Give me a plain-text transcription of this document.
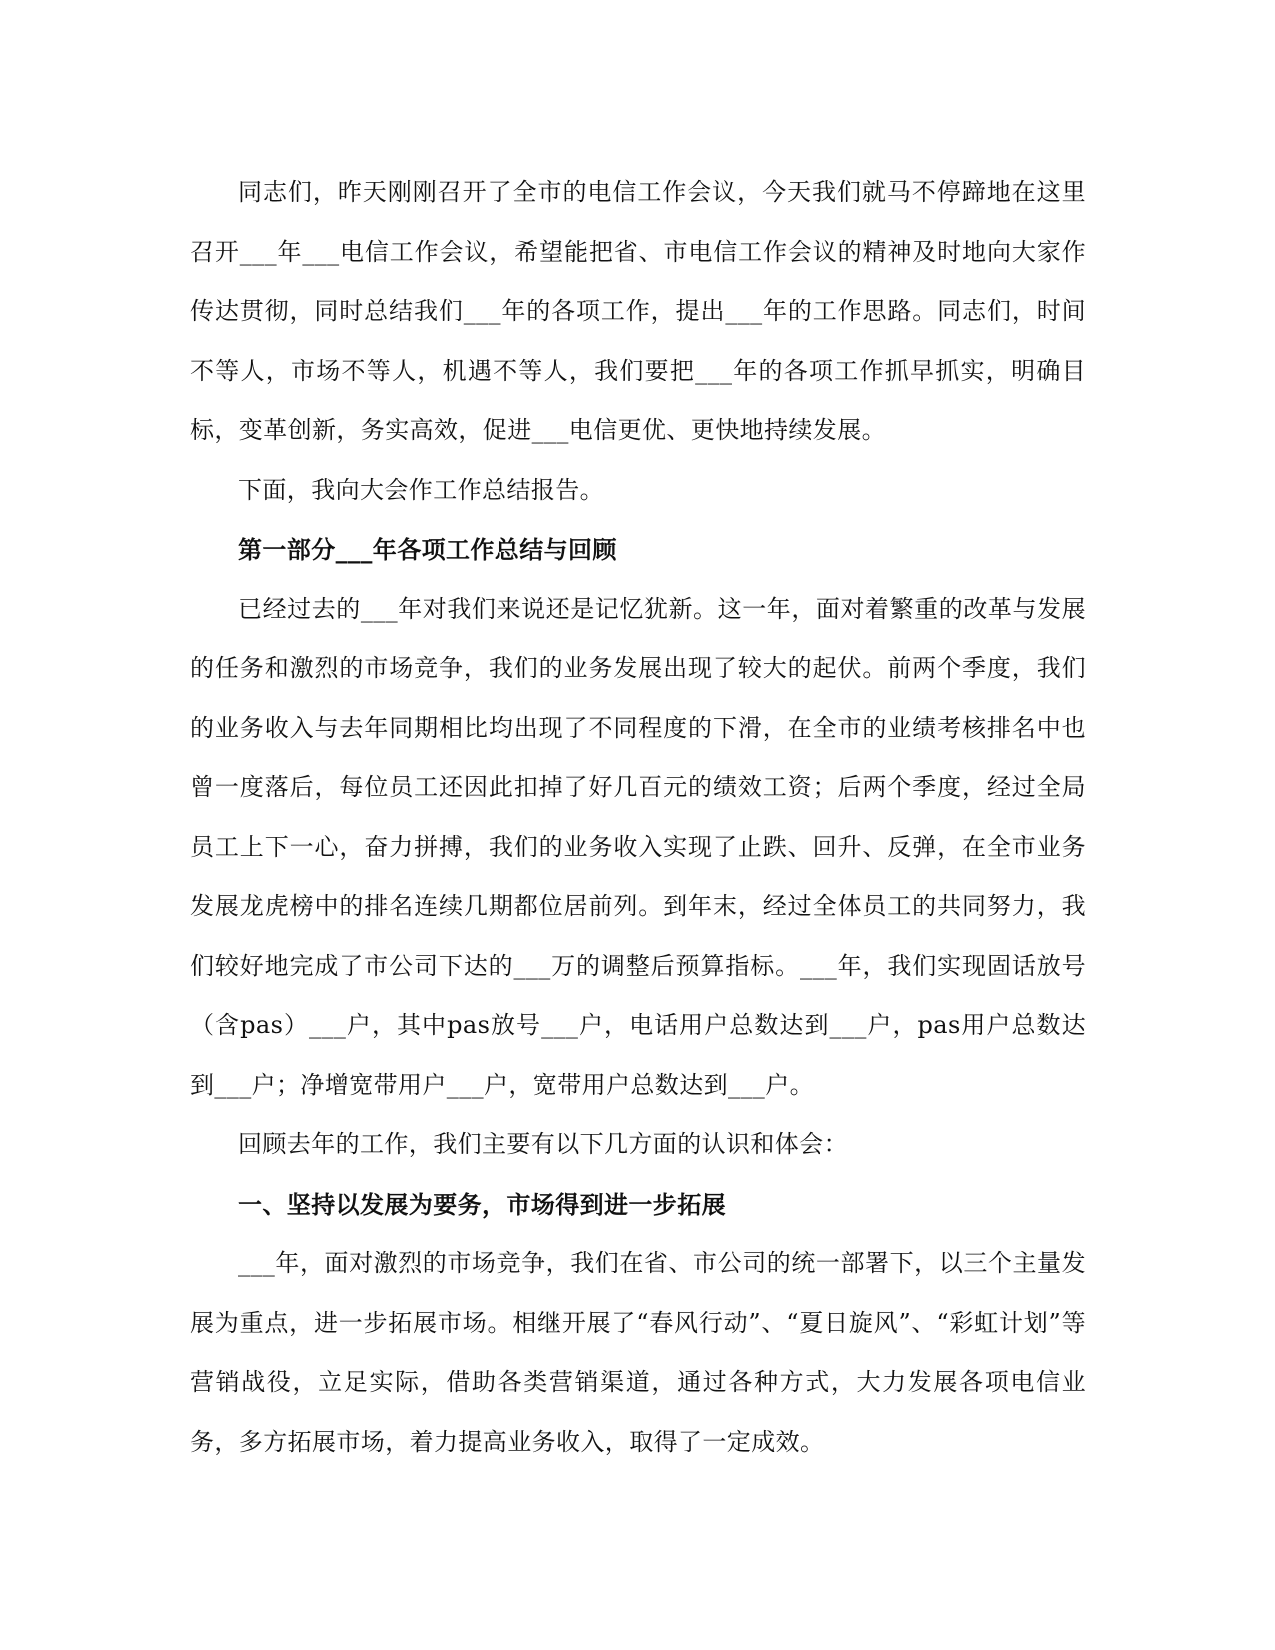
同志们，昨天刚刚召开了全市的电信工作会议，今天我们就马不停蹄地在这里召开___年___电信工作会议，希望能把省、市电信工作会议的精神及时地向大家作传达贯彻，同时总结我们___年的各项工作，提出___年的工作思路。同志们，时间不等人，市场不等人，机遇不等人，我们要把___年的各项工作抓早抓实，明确目标，变革创新，务实高效，促进___电信更优、更快地持续发展。

下面，我向大会作工作总结报告。

第一部分___年各项工作总结与回顾

已经过去的___年对我们来说还是记忆犹新。这一年，面对着繁重的改革与发展的任务和激烈的市场竞争，我们的业务发展出现了较大的起伏。前两个季度，我们的业务收入与去年同期相比均出现了不同程度的下滑，在全市的业绩考核排名中也曾一度落后，每位员工还因此扣掉了好几百元的绩效工资；后两个季度，经过全局员工上下一心，奋力拼搏，我们的业务收入实现了止跌、回升、反弹，在全市业务发展龙虎榜中的排名连续几期都位居前列。到年末，经过全体员工的共同努力，我们较好地完成了市公司下达的___万的调整后预算指标。___年，我们实现固话放号（含pas）___户，其中pas放号___户，电话用户总数达到___户，pas用户总数达到___户；净增宽带用户___户，宽带用户总数达到___户。

回顾去年的工作，我们主要有以下几方面的认识和体会：

一、坚持以发展为要务，市场得到进一步拓展

___年，面对激烈的市场竞争，我们在省、市公司的统一部署下，以三个主量发展为重点，进一步拓展市场。相继开展了“春风行动”、“夏日旋风”、“彩虹计划”等营销战役，立足实际，借助各类营销渠道，通过各种方式，大力发展各项电信业务，多方拓展市场，着力提高业务收入，取得了一定成效。
